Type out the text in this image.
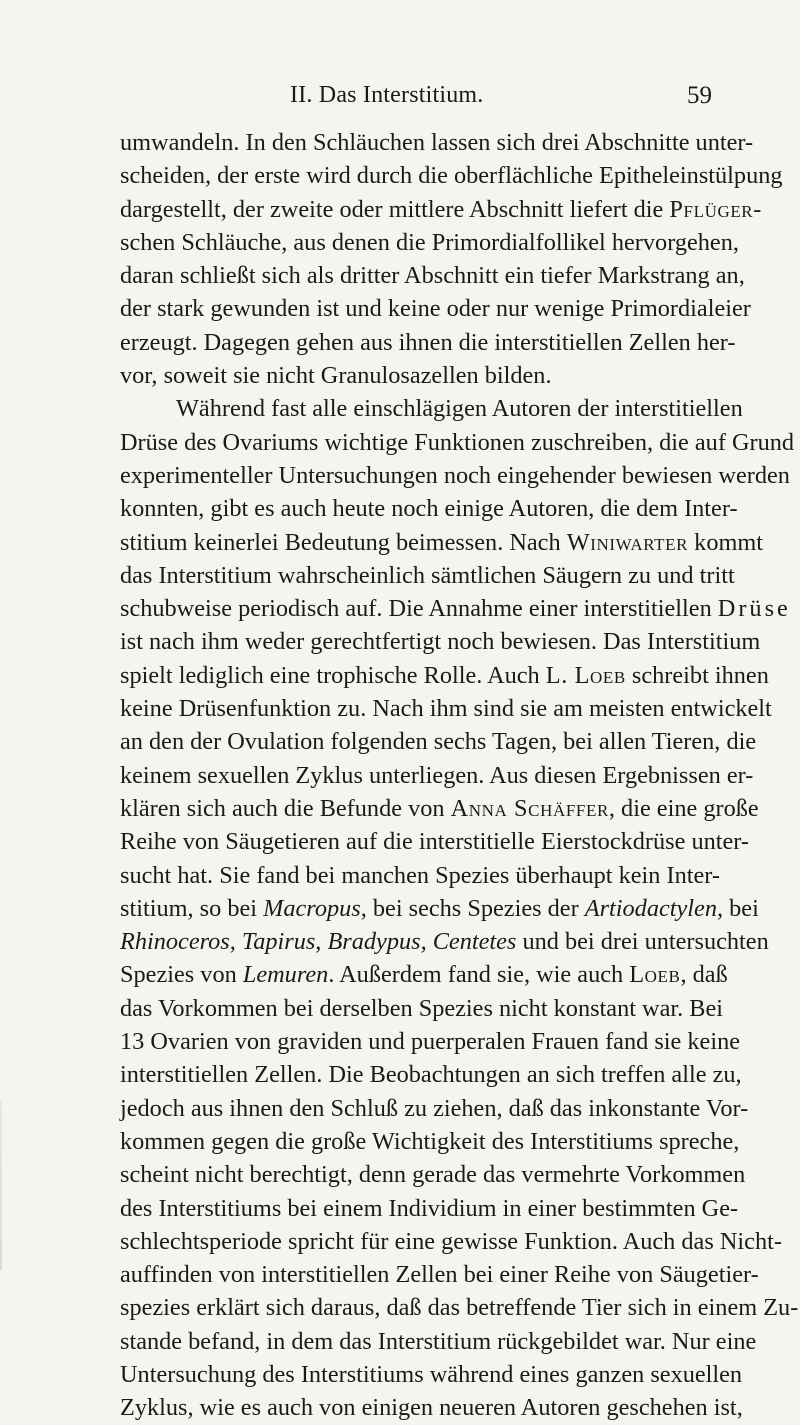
II. Das Interstitium.	59
umwandeln. In den Schläuchen lassen sich drei Abschnitte unter-
scheiden, der erste wird durch die oberflächliche Epitheleinstülpung
dargestellt, der zweite oder mittlere Abschnitt liefert die Pflüger-
schen Schläuche, aus denen die Primordialfollikel hervorgehen,
daran schließt sich als dritter Abschnitt ein tiefer Markstrang an,
der stark gewunden ist und keine oder nur wenige Primordialeier
erzeugt. Dagegen gehen aus ihnen die interstitiellen Zellen her-
vor, soweit sie nicht Granulosazellen bilden.
Während fast alle einschlägigen Autoren der interstitiellen
Drüse des Ovariums wichtige Funktionen zuschreiben, die auf Grund
experimenteller Untersuchungen noch eingehender bewiesen werden
konnten, gibt es auch heute noch einige Autoren, die dem Inter-
stitium keinerlei Bedeutung beimessen. Nach Winiwarter kommt
das Interstitium wahrscheinlich sämtlichen Säugern zu und tritt
schubweise periodisch auf. Die Annahme einer interstitiellen Drüse
ist nach ihm weder gerechtfertigt noch bewiesen. Das Interstitium
spielt lediglich eine trophische Rolle. Auch L. Loeb schreibt ihnen
keine Drüsenfunktion zu. Nach ihm sind sie am meisten entwickelt
an den der Ovulation folgenden sechs Tagen, bei allen Tieren, die
keinem sexuellen Zyklus unterliegen. Aus diesen Ergebnissen er-
klären sich auch die Befunde von Anna Schäffer, die eine große
Reihe von Säugetieren auf die interstitielle Eierstockdrüse unter-
sucht hat. Sie fand bei manchen Spezies überhaupt kein Inter-
stitium, so bei Macropus, bei sechs Spezies der Artiodactylen, bei
Rhinoceros, Tapirus, Bradypus, Centetes und bei drei untersuchten
Spezies von Lemuren. Außerdem fand sie, wie auch Loeb, daß
das Vorkommen bei derselben Spezies nicht konstant war. Bei
13 Ovarien von graviden und puerperalen Frauen fand sie keine
interstitiellen Zellen. Die Beobachtungen an sich treffen alle zu,
jedoch aus ihnen den Schluß zu ziehen, daß das inkonstante Vor-
kommen gegen die große Wichtigkeit des Interstitiums spreche,
scheint nicht berechtigt, denn gerade das vermehrte Vorkommen
des Interstitiums bei einem Individium in einer bestimmten Ge-
schlechtsperiode spricht für eine gewisse Funktion. Auch das Nicht-
auffinden von interstitiellen Zellen bei einer Reihe von Säugetier-
spezies erklärt sich daraus, daß das betreffende Tier sich in einem Zu-
stande befand, in dem das Interstitium rückgebildet war. Nur eine
Untersuchung des Interstitiums während eines ganzen sexuellen
Zyklus, wie es auch von einigen neueren Autoren geschehen ist,
